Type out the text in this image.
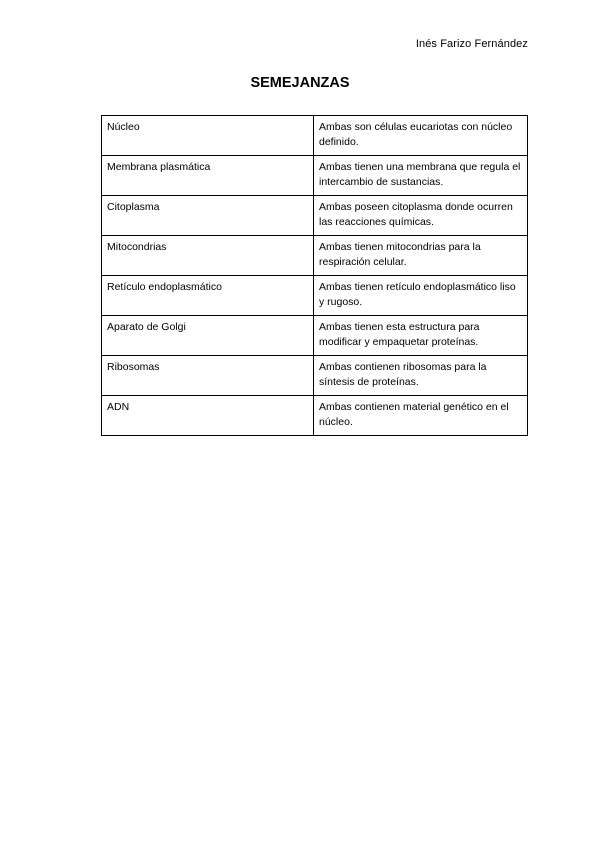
Inés Farizo Fernández
SEMEJANZAS
Núcleo	Ambas son células eucariotas con núcleo definido.
Membrana plasmática	Ambas tienen una membrana que regula el intercambio de sustancias.
Citoplasma	Ambas poseen citoplasma donde ocurren las reacciones químicas.
Mitocondrias	Ambas tienen mitocondrias para la respiración celular.
Retículo endoplasmático	Ambas tienen retículo endoplasmático liso y rugoso.
Aparato de Golgi	Ambas tienen esta estructura para modificar y empaquetar proteínas.
Ribosomas	Ambas contienen ribosomas para la síntesis de proteínas.
ADN	Ambas contienen material genético en el núcleo.
